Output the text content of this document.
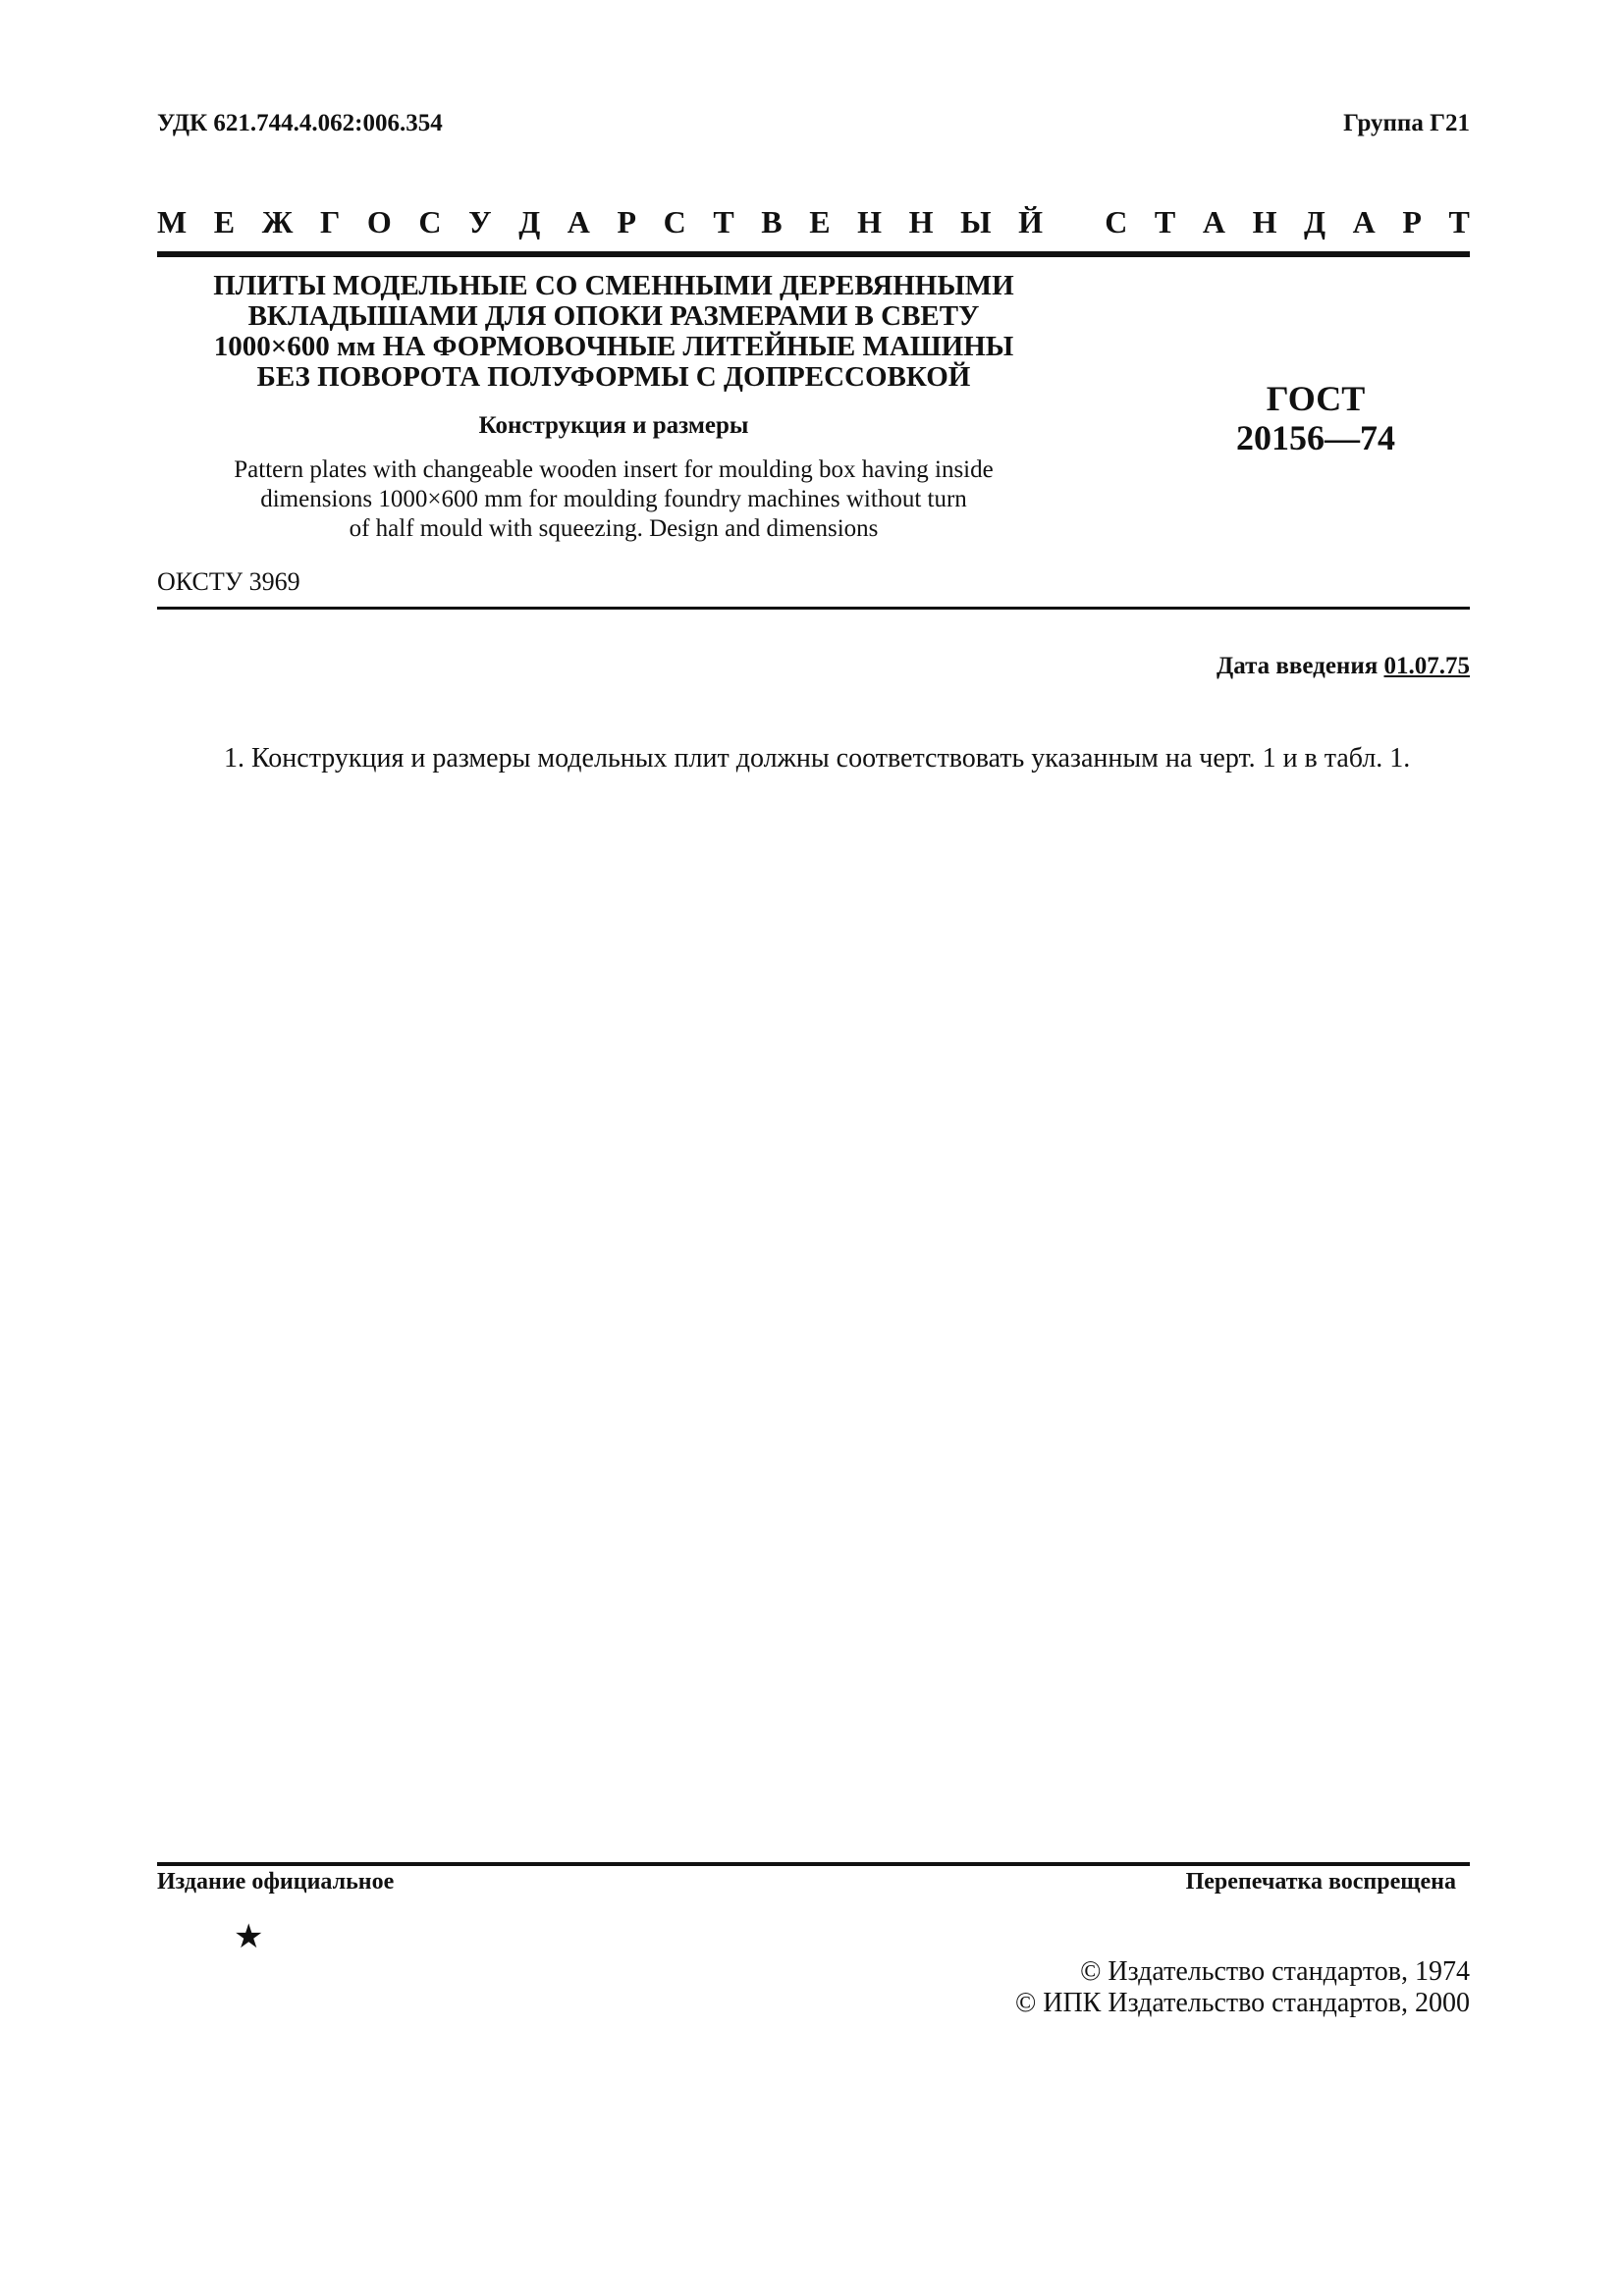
УДК 621.744.4.062:006.354	Группа Г21
М Е Ж Г О С У Д А Р С Т В Е Н Н Ы Й
С Т А Н Д А Р Т
ПЛИТЫ МОДЕЛЬНЫЕ СО СМЕННЫМИ ДЕРЕВЯННЫМИ
ВКЛАДЫШАМИ ДЛЯ ОПОКИ РАЗМЕРАМИ В СВЕТУ
1000×600 мм НА ФОРМОВОЧНЫЕ ЛИТЕЙНЫЕ МАШИНЫ
БЕЗ ПОВОРОТА ПОЛУФОРМЫ С ДОПРЕССОВКОЙ
Конструкция и размеры
Pattern plates with changeable wooden insert for moulding box having inside
dimensions 1000×600 mm for moulding foundry machines without turn
of half mould with squeezing. Design and dimensions
ГОСТ
20156—74
ОКСТУ 3969
Дата введения 01.07.75
1. Конструкция и размеры модельных плит должны соответствовать указанным на черт. 1 и в табл. 1.
Издание официальное	Перепечатка воспрещена
★
© Издательство стандартов, 1974
© ИПК Издательство стандартов, 2000
